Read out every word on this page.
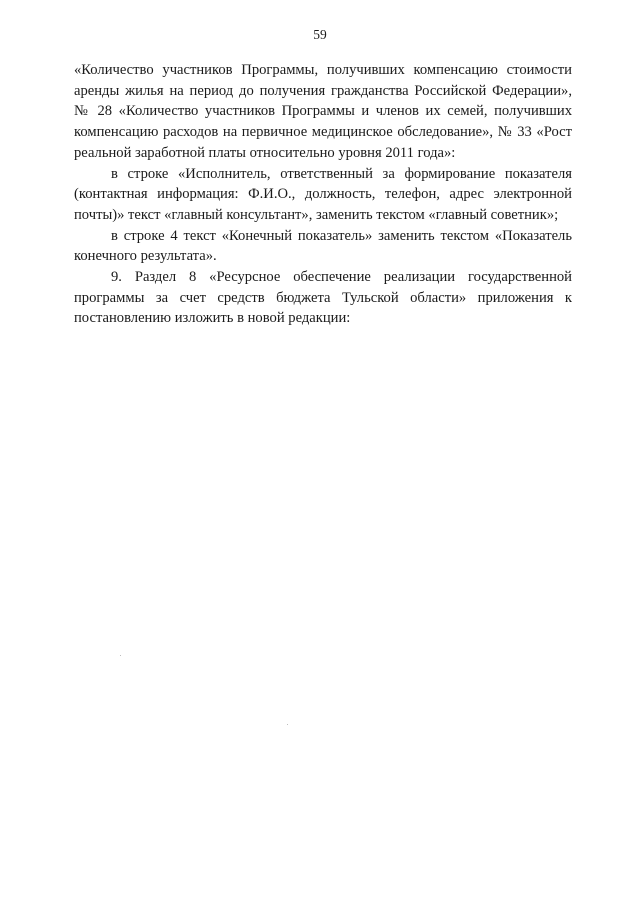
59

«Количество участников Программы, получивших компенсацию стоимости аренды жилья на период до получения гражданства Российской Федерации», № 28 «Количество участников Программы и членов их семей, получивших компенсацию расходов на первичное медицинское обследование», № 33 «Рост реальной заработной платы относительно уровня 2011 года»:

в строке «Исполнитель, ответственный за формирование показателя (контактная информация: Ф.И.О., должность, телефон, адрес электронной почты)» текст «главный консультант», заменить текстом «главный советник»;

в строке 4 текст «Конечный показатель» заменить текстом «Показатель конечного результата».

9. Раздел 8 «Ресурсное обеспечение реализации государственной программы за счет средств бюджета Тульской области» приложения к постановлению изложить в новой редакции:
